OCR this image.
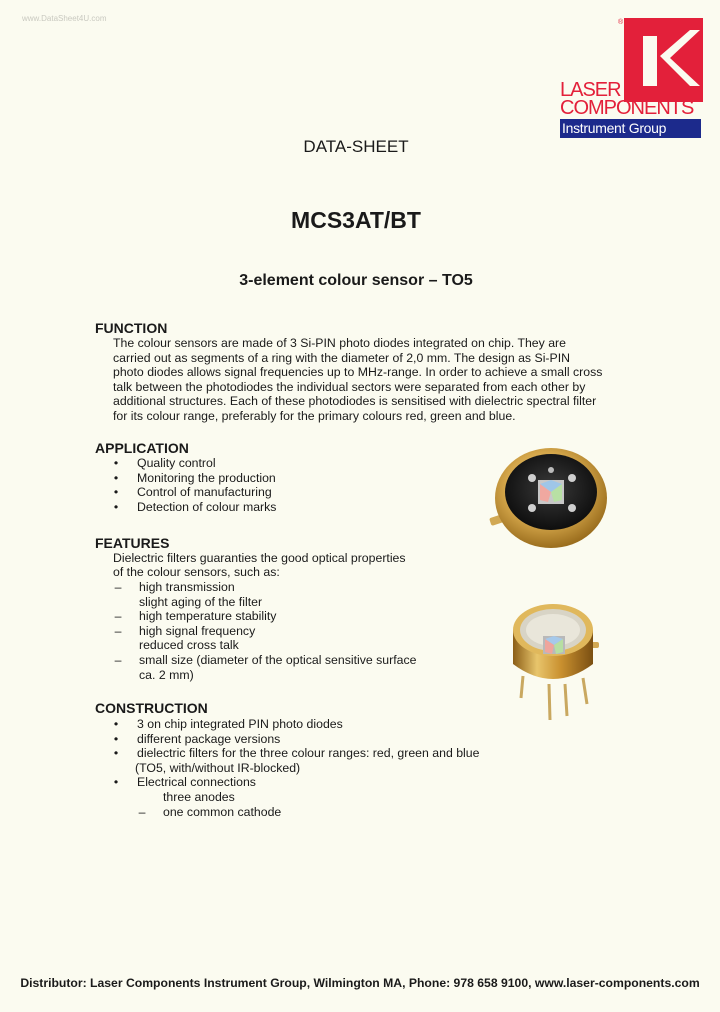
www.DataSheet4U.com	®
LASER
COMPONENTS
Instrument Group
DATA-SHEET
MCS3AT/BT
3-element colour sensor – TO5
FUNCTION
The colour sensors are made of 3 Si-PIN photo diodes integrated on chip. They are carried out as segments of a ring with the diameter of 2,0 mm. The design as Si-PIN photo diodes allows signal frequencies up to MHz-range. In order to achieve a small cross talk between the photodiodes the individual sectors were separated from each other by additional structures. Each of these photodiodes is sensitised with dielectric spectral filter for its colour range, preferably for the primary colours red, green and blue.
APPLICATION
• Quality control
• Monitoring the production
• Control of manufacturing
• Detection of colour marks
FEATURES
Dielectric filters guaranties the good optical properties
of the colour sensors, such as:
– high transmission
slight aging of the filter
– high temperature stability
– high signal frequency
reduced cross talk
– small size (diameter of the optical sensitive surface
ca. 2 mm)
CONSTRUCTION
• 3 on chip integrated PIN photo diodes
• different package versions
• dielectric filters for the three colour ranges: red, green and blue
(TO5, with/without IR-blocked)
• Electrical connections
three anodes
– one common cathode
Distributor: Laser Components Instrument Group, Wilmington MA, Phone: 978 658 9100, www.laser-components.com
